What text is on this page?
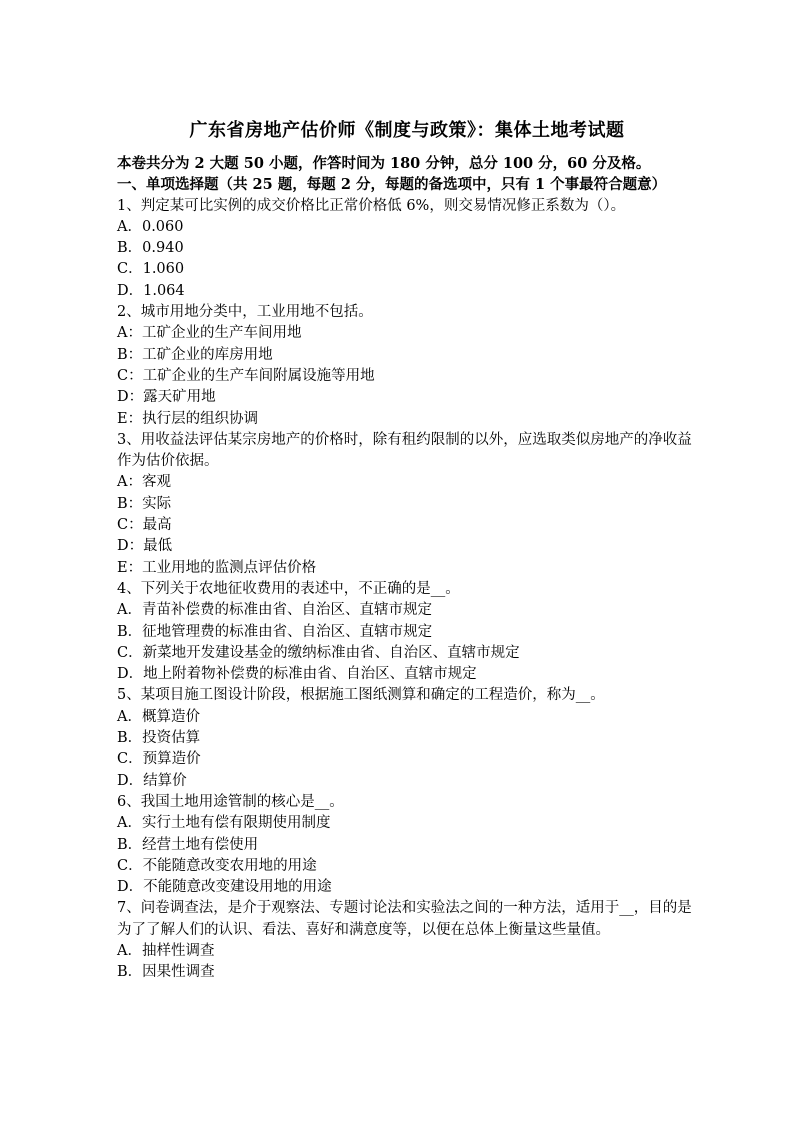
广东省房地产估价师《制度与政策》：集体土地考试题
本卷共分为 2 大题 50 小题，作答时间为 180 分钟，总分 100 分，60 分及格。
一、单项选择题（共 25 题，每题 2 分，每题的备选项中，只有 1 个事最符合题意）
1、判定某可比实例的成交价格比正常价格低 6%，则交易情况修正系数为（）。
A．0.060
B．0.940
C．1.060
D．1.064
2、城市用地分类中，工业用地不包括。
A：工矿企业的生产车间用地
B：工矿企业的库房用地
C：工矿企业的生产车间附属设施等用地
D：露天矿用地
E：执行层的组织协调
3、用收益法评估某宗房地产的价格时，除有租约限制的以外，应选取类似房地产的净收益作为估价依据。
A：客观
B：实际
C：最高
D：最低
E：工业用地的监测点评估价格
4、下列关于农地征收费用的表述中，不正确的是__。
A．青苗补偿费的标准由省、自治区、直辖市规定
B．征地管理费的标准由省、自治区、直辖市规定
C．新菜地开发建设基金的缴纳标准由省、自治区、直辖市规定
D．地上附着物补偿费的标准由省、自治区、直辖市规定
5、某项目施工图设计阶段，根据施工图纸测算和确定的工程造价，称为__。
A．概算造价
B．投资估算
C．预算造价
D．结算价
6、我国土地用途管制的核心是__。
A．实行土地有偿有限期使用制度
B．经营土地有偿使用
C．不能随意改变农用地的用途
D．不能随意改变建设用地的用途
7、问卷调查法，是介于观察法、专题讨论法和实验法之间的一种方法，适用于__，目的是为了了解人们的认识、看法、喜好和满意度等，以便在总体上衡量这些量值。
A．抽样性调查
B．因果性调查
